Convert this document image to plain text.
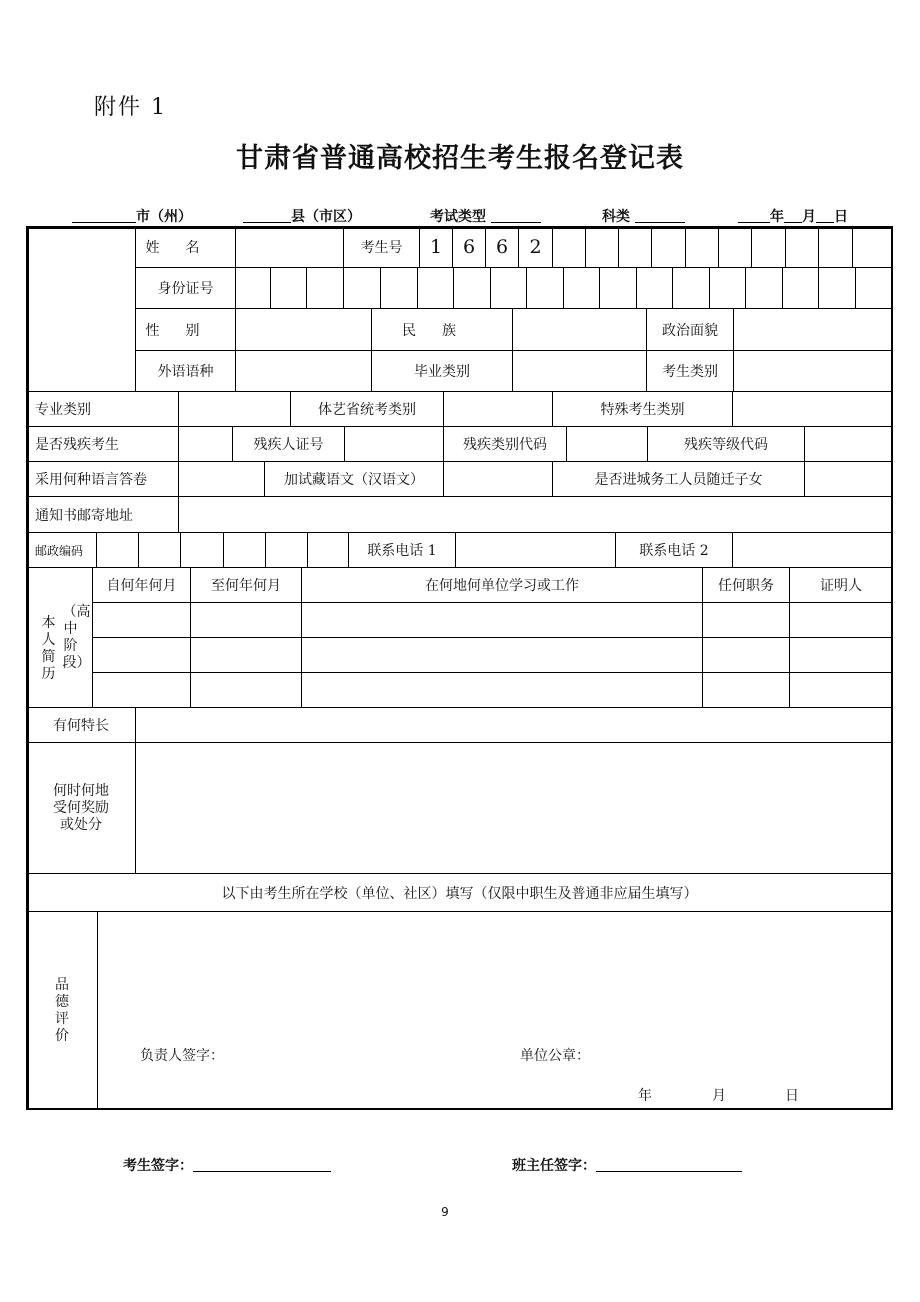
附件 1
甘肃省普通高校招生考生报名登记表
市（州）	县（市区）	考试类型	科类	年 月 日
姓名	考生号	1	6	6	2
身份证号
性别	民族	政治面貌
外语语种	毕业类别	考生类别
专业类别	体艺省统考类别	特殊考生类别
是否残疾考生	残疾人证号	残疾类别代码	残疾等级代码
采用何种语言答卷	加试藏语文（汉语文）	是否进城务工人员随迁子女
通知书邮寄地址
邮政编码	联系电话 1	联系电话 2
本人简历
（高中阶段）
自何年何月	至何年何月	在何地何单位学习或工作	任何职务	证明人
有何特长
何时何地受何奖励或处分
以下由考生所在学校（单位、社区）填写（仅限中职生及普通非应届生填写）
品德评价
负责人签字：	单位公章：
年	月	日
考生签字：	班主任签字：
9
